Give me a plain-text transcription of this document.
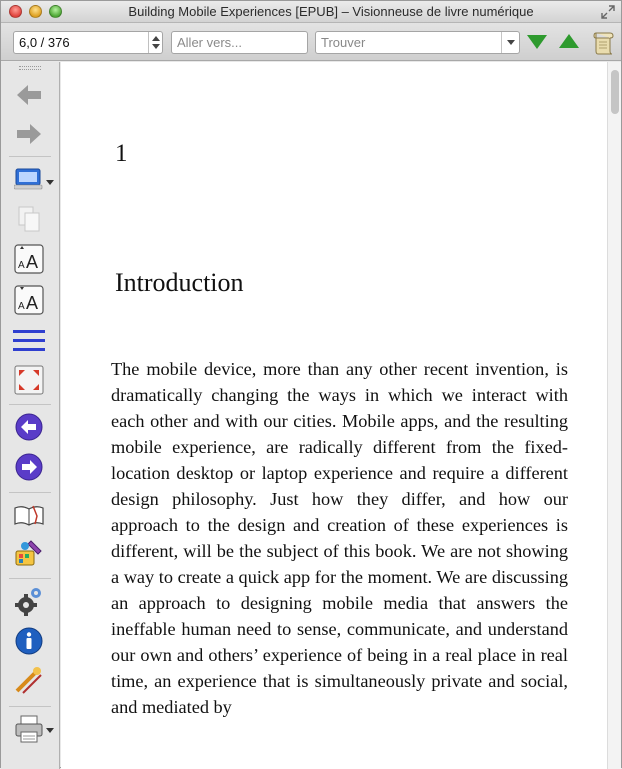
Building Mobile Experiences [EPUB] – Visionneuse de livre numérique
6,0 / 376
Aller vers...	Trouver
A A
A A
1
Introduction

The mobile device, more than any other recent invention, is dramatically changing the ways in which we interact with each other and with our cities. Mobile apps, and the resulting mobile experience, are radically different from the fixed-location desktop or laptop experience and require a different design philosophy. Just how they differ, and how our approach to the design and creation of these experiences is different, will be the subject of this book. We are not showing a way to create a quick app for the moment. We are discussing an approach to designing mobile media that answers the ineffable human need to sense, communicate, and understand our own and others’ experience of being in a real place in real time, an experience that is simultaneously private and social, and mediated by
